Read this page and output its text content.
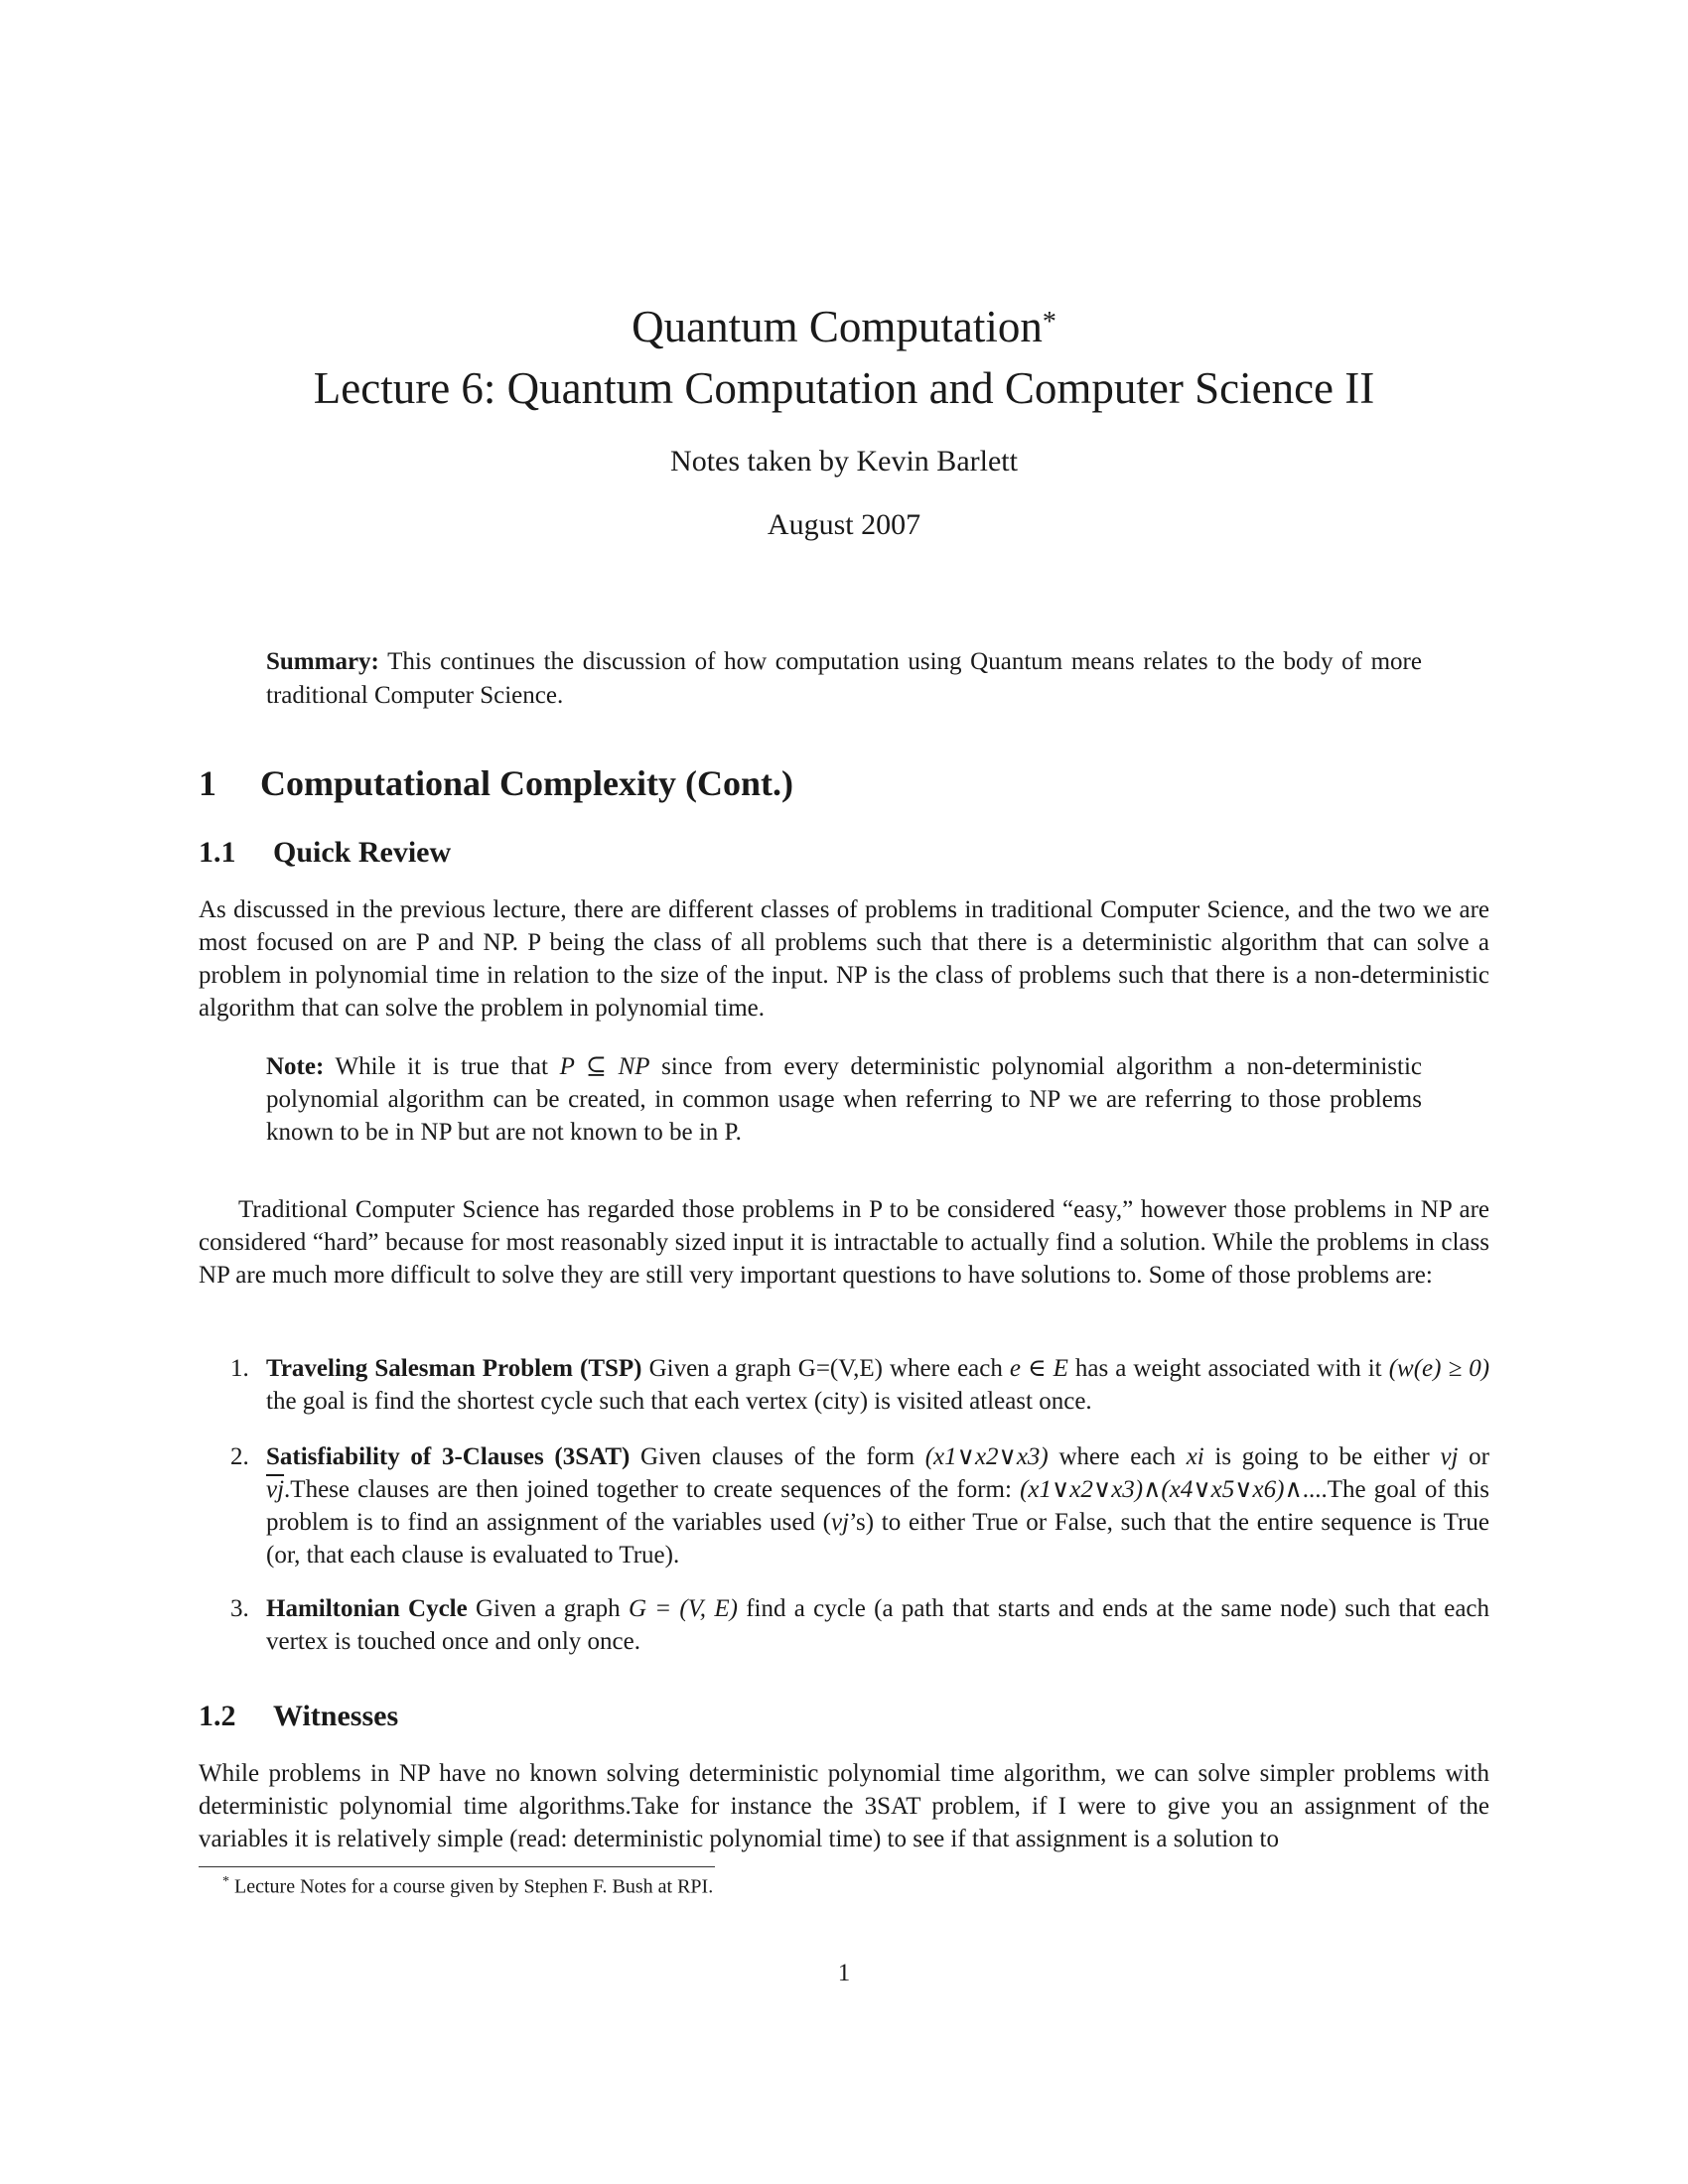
Quantum Computation*
Lecture 6: Quantum Computation and Computer Science II
Notes taken by Kevin Barlett
August 2007
Summary: This continues the discussion of how computation using Quantum means relates to the body of more traditional Computer Science.
1 Computational Complexity (Cont.)
1.1 Quick Review
As discussed in the previous lecture, there are different classes of problems in traditional Computer Science, and the two we are most focused on are P and NP. P being the class of all problems such that there is a deterministic algorithm that can solve a problem in polynomial time in relation to the size of the input. NP is the class of problems such that there is a non-deterministic algorithm that can solve the problem in polynomial time.
Note: While it is true that P ⊆ NP since from every deterministic polynomial algorithm a non-deterministic polynomial algorithm can be created, in common usage when referring to NP we are referring to those problems known to be in NP but are not known to be in P.
Traditional Computer Science has regarded those problems in P to be considered “easy,” however those problems in NP are considered “hard” because for most reasonably sized input it is intractable to actually find a solution. While the problems in class NP are much more difficult to solve they are still very important questions to have solutions to. Some of those problems are:
1. Traveling Salesman Problem (TSP) Given a graph G=(V,E) where each e ∈ E has a weight associated with it (w(e) ≥ 0) the goal is find the shortest cycle such that each vertex (city) is visited atleast once.
2. Satisfiability of 3-Clauses (3SAT) Given clauses of the form (x1∨x2∨x3) where each xi is going to be either vj or $\overline{vj}.These$ clauses are then joined together to create sequences of the form: (x1∨x2∨x3)∧(x4∨x5∨x6)∧....The goal of this problem is to find an assignment of the variables used (vj’s) to either True or False, such that the entire sequence is True (or, that each clause is evaluated to True).
3. Hamiltonian Cycle Given a graph G = (V, E) find a cycle (a path that starts and ends at the same node) such that each vertex is touched once and only once.
1.2 Witnesses
While problems in NP have no known solving deterministic polynomial time algorithm, we can solve simpler problems with deterministic polynomial time algorithms.Take for instance the 3SAT problem, if I were to give you an assignment of the variables it is relatively simple (read: deterministic polynomial time) to see if that assignment is a solution to
* Lecture Notes for a course given by Stephen F. Bush at RPI.
1
